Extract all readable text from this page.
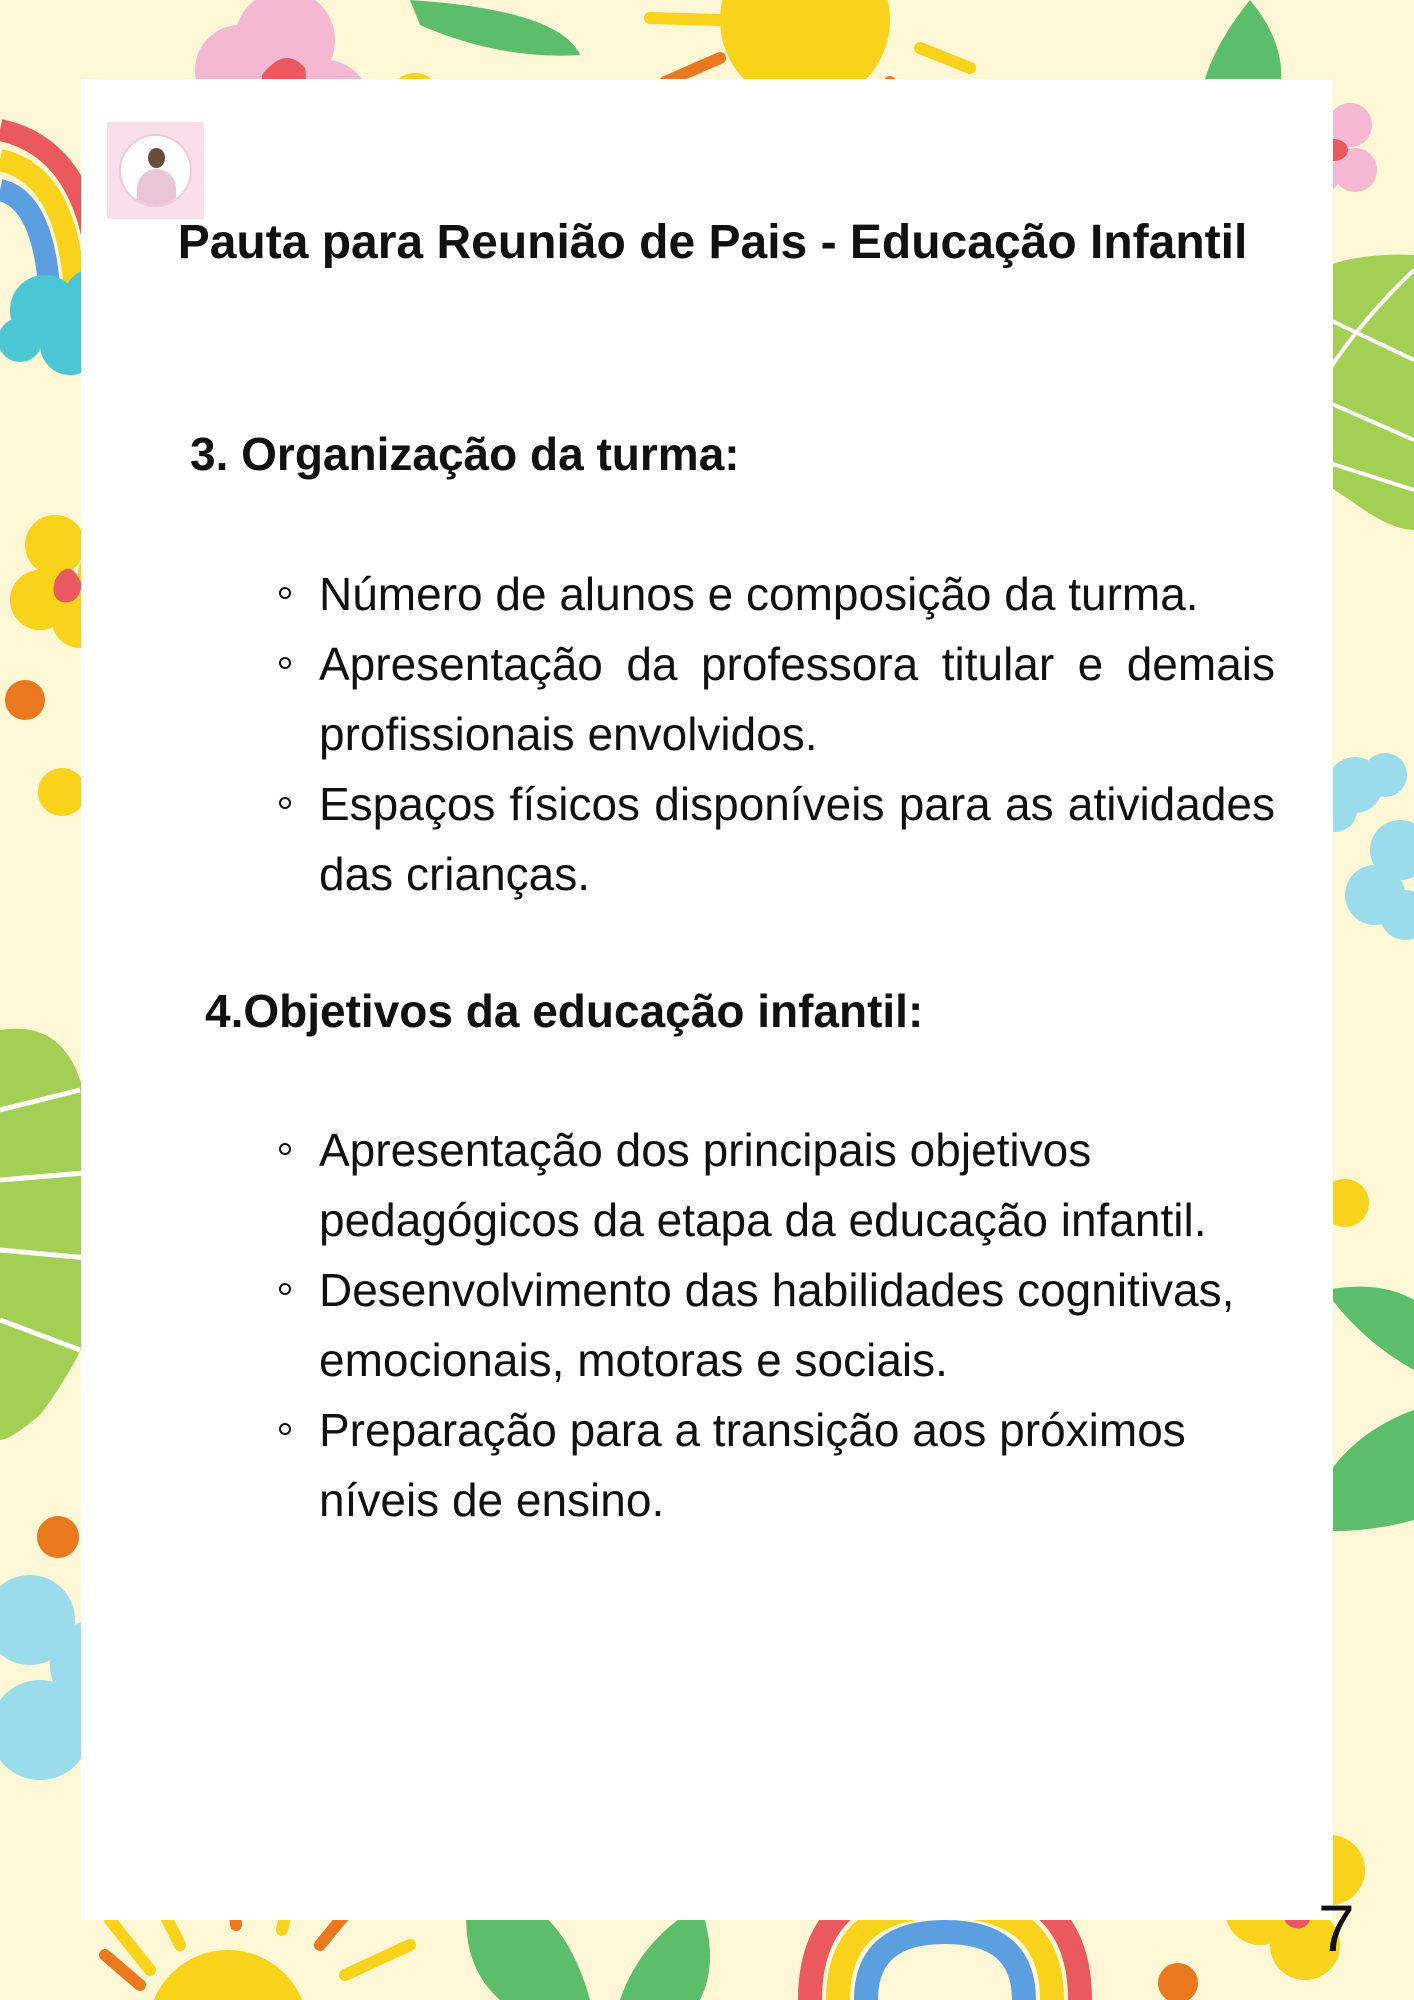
Pauta para Reunião de Pais - Educação Infantil
3. Organização da turma:
Número de alunos e composição da turma.
Apresentação da professora titular e demais profissionais envolvidos.
Espaços físicos disponíveis para as atividades das crianças.
4.Objetivos da educação infantil:
Apresentação dos principais objetivos pedagógicos da etapa da educação infantil.
Desenvolvimento das habilidades cognitivas, emocionais, motoras e sociais.
Preparação para a transição aos próximos níveis de ensino.
7
